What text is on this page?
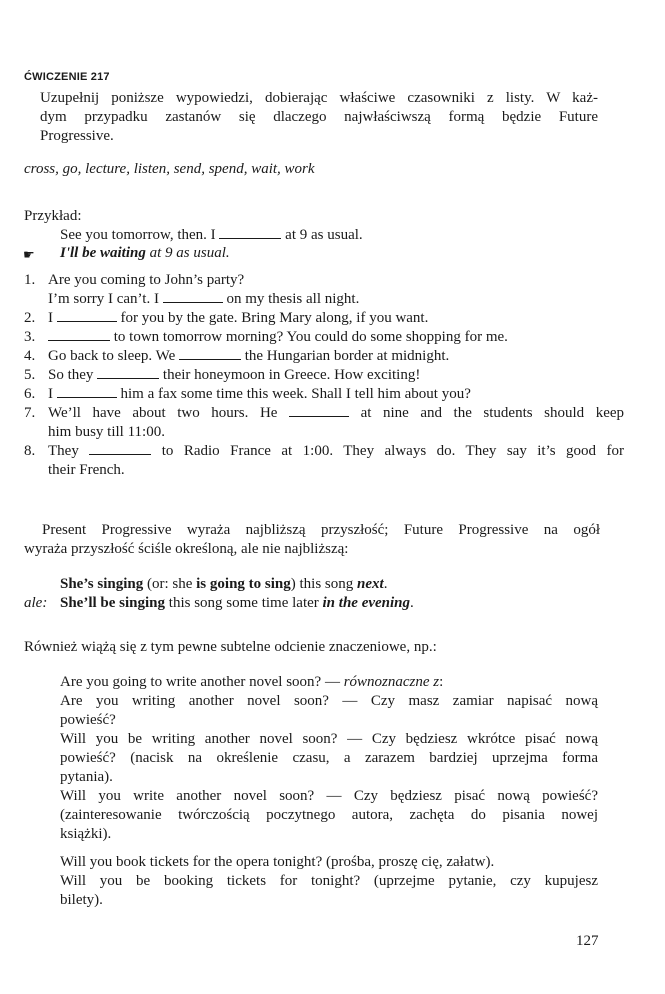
ĆWICZENIE 217
Uzupełnij poniższe wypowiedzi, dobierając właściwe czasowniki z listy. W każ-
dym przypadku zastanów się dlaczego najwłaściwszą formą będzie Future
Progressive.
cross, go, lecture, listen, send, spend, wait, work
Przykład:
See you tomorrow, then. I	at 9 as usual.
☛ I'll be waiting at 9 as usual.
1. Are you coming to John’s party?
I’m sorry I can’t. I	on my thesis all night.
2. I	for you by the gate. Bring Mary along, if you want.
3.	to town tomorrow morning? You could do some shopping for me.
4. Go back to sleep. We	the Hungarian border at midnight.
5. So they	their honeymoon in Greece. How exciting!
6. I	him a fax some time this week. Shall I tell him about you?
7. We’ll have about two hours. He	at nine and the students should keep
him busy till 11:00.
8. They	to Radio France at 1:00. They always do. They say it’s good for
their French.
Present Progressive wyraża najbliższą przyszłość; Future Progressive na ogół
wyraża przyszłość ściśle określoną, ale nie najbliższą:
She’s singing (or: she is going to sing) this song next.
ale: She’ll be singing this song some time later in the evening.
Również wiążą się z tym pewne subtelne odcienie znaczeniowe, np.:
Are you going to write another novel soon? — równoznaczne z:
Are you writing another novel soon? — Czy masz zamiar napisać nową
powieść?
Will you be writing another novel soon? — Czy będziesz wkrótce pisać nową
powieść? (nacisk na określenie czasu, a zarazem bardziej uprzejma forma
pytania).
Will you write another novel soon? — Czy będziesz pisać nową powieść?
(zainteresowanie twórczością poczytnego autora, zachęta do pisania nowej
książki).
Will you book tickets for the opera tonight? (prośba, proszę cię, załatw).
Will you be booking tickets for tonight? (uprzejme pytanie, czy kupujesz
bilety).
127
